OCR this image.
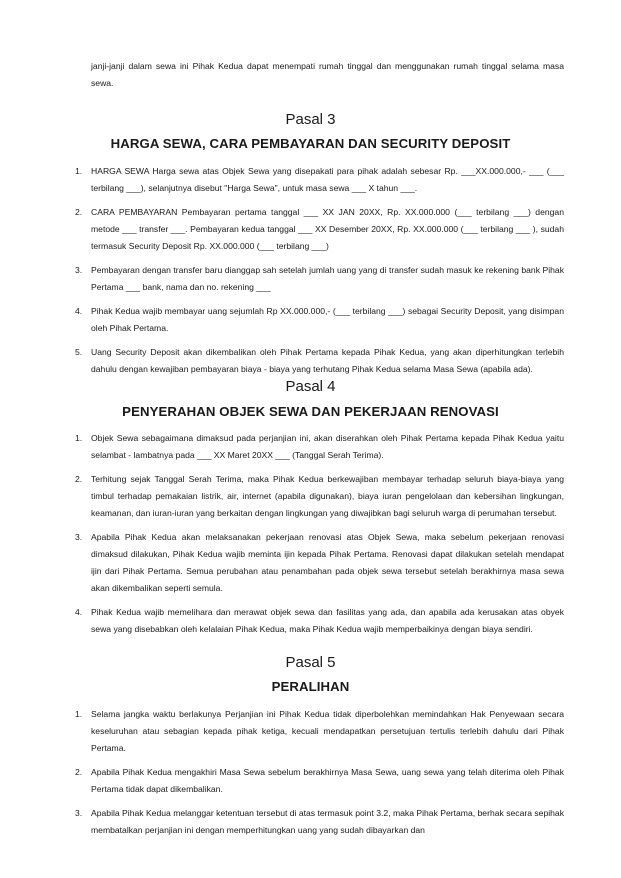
janji-janji dalam sewa ini Pihak Kedua dapat menempati rumah tinggal dan menggunakan rumah tinggal selama masa sewa.

Pasal 3
HARGA SEWA, CARA PEMBAYARAN DAN SECURITY DEPOSIT
1. HARGA SEWA Harga sewa atas Objek Sewa yang disepakati para pihak adalah sebesar Rp. ___XX.000.000,- ___ (___ terbilang ___), selanjutnya disebut "Harga Sewa", untuk masa sewa ___ X tahun ___.
2. CARA PEMBAYARAN Pembayaran pertama tanggal ___ XX JAN 20XX, Rp. XX.000.000 (___ terbilang ___) dengan metode ___ transfer ___. Pembayaran kedua tanggal ___ XX Desember 20XX, Rp. XX.000.000 (___ terbilang ___ ), sudah termasuk Security Deposit Rp. XX.000.000 (___ terbilang ___)
3. Pembayaran dengan transfer baru dianggap sah setelah jumlah uang yang di transfer sudah masuk ke rekening bank Pihak Pertama ___ bank, nama dan no. rekening ___
4. Pihak Kedua wajib membayar uang sejumlah Rp XX.000.000,- (___ terbilang ___) sebagai Security Deposit, yang disimpan oleh Pihak Pertama.
5. Uang Security Deposit akan dikembalikan oleh Pihak Pertama kepada Pihak Kedua, yang akan diperhitungkan terlebih dahulu dengan kewajiban pembayaran biaya - biaya yang terhutang Pihak Kedua selama Masa Sewa (apabila ada).
Pasal 4
PENYERAHAN OBJEK SEWA DAN PEKERJAAN RENOVASI
1. Objek Sewa sebagaimana dimaksud pada perjanjian ini, akan diserahkan oleh Pihak Pertama kepada Pihak Kedua yaitu selambat - lambatnya pada ___ XX Maret 20XX ___ (Tanggal Serah Terima).
2. Terhitung sejak Tanggal Serah Terima, maka Pihak Kedua berkewajiban membayar terhadap seluruh biaya-biaya yang timbul terhadap pemakaian listrik, air, internet (apabila digunakan), biaya iuran pengelolaan dan kebersihan lingkungan, keamanan, dan iuran-iuran yang berkaitan dengan lingkungan yang diwajibkan bagi seluruh warga di perumahan tersebut.
3. Apabila Pihak Kedua akan melaksanakan pekerjaan renovasi atas Objek Sewa, maka sebelum pekerjaan renovasi dimaksud dilakukan, Pihak Kedua wajib meminta ijin kepada Pihak Pertama. Renovasi dapat dilakukan setelah mendapat ijin dari Pihak Pertama. Semua perubahan atau penambahan pada objek sewa tersebut setelah berakhirnya masa sewa akan dikembalikan seperti semula.
4. Pihak Kedua wajib memelihara dan merawat objek sewa dan fasilitas yang ada, dan apabila ada kerusakan atas obyek sewa yang disebabkan oleh kelalaian Pihak Kedua, maka Pihak Kedua wajib memperbaikinya dengan biaya sendiri.
Pasal 5
PERALIHAN
1. Selama jangka waktu berlakunya Perjanjian ini Pihak Kedua tidak diperbolehkan memindahkan Hak Penyewaan secara keseluruhan atau sebagian kepada pihak ketiga, kecuali mendapatkan persetujuan tertulis terlebih dahulu dari Pihak Pertama.
2. Apabila Pihak Kedua mengakhiri Masa Sewa sebelum berakhirnya Masa Sewa, uang sewa yang telah diterima oleh Pihak Pertama tidak dapat dikembalikan.
3. Apabila Pihak Kedua melanggar ketentuan tersebut di atas termasuk point 3.2, maka Pihak Pertama, berhak secara sepihak membatalkan perjanjian ini dengan memperhitungkan uang yang sudah dibayarkan dan
